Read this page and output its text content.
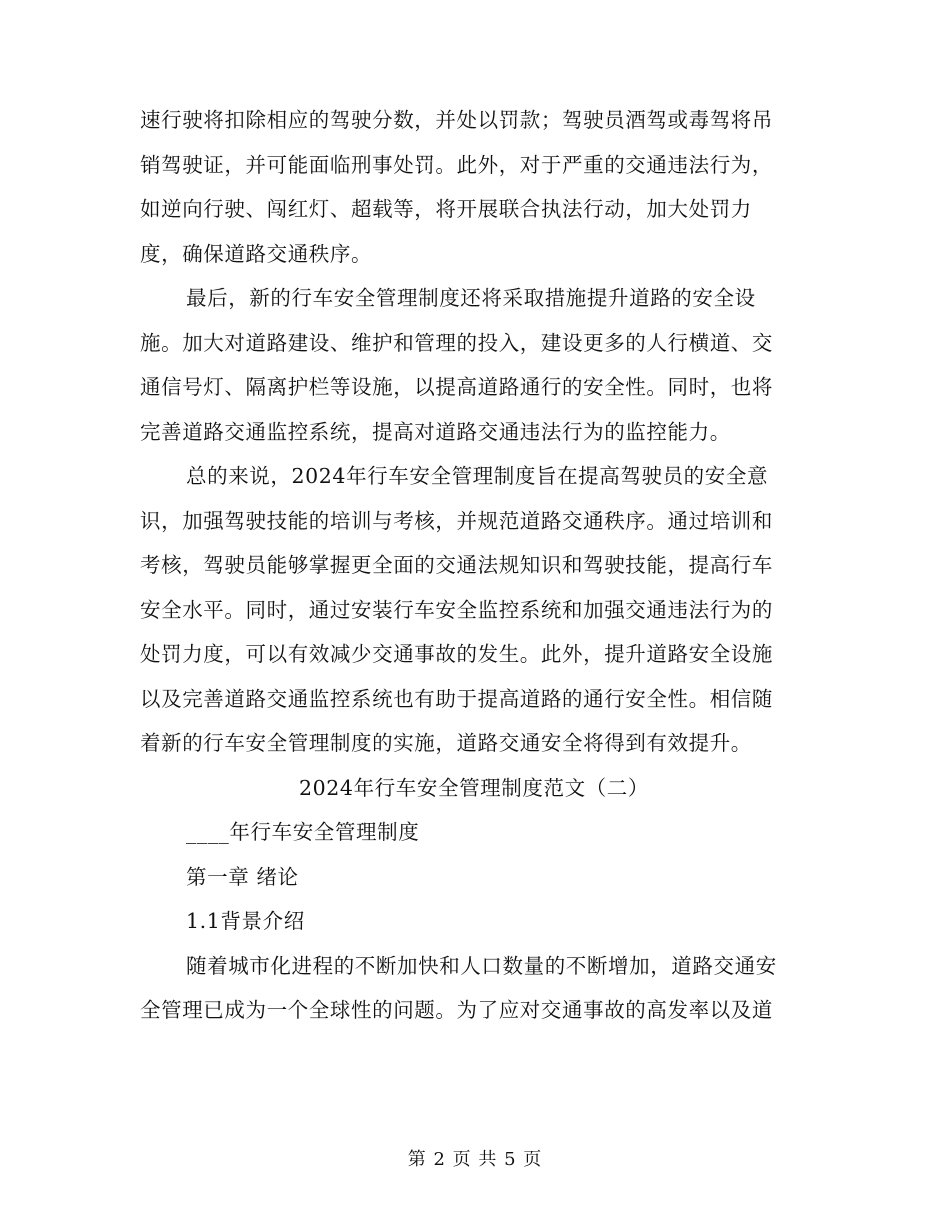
速行驶将扣除相应的驾驶分数，并处以罚款；驾驶员酒驾或毒驾将吊

销驾驶证，并可能面临刑事处罚。此外，对于严重的交通违法行为，

如逆向行驶、闯红灯、超载等，将开展联合执法行动，加大处罚力

度，确保道路交通秩序。

最后，新的行车安全管理制度还将采取措施提升道路的安全设

施。加大对道路建设、维护和管理的投入，建设更多的人行横道、交

通信号灯、隔离护栏等设施，以提高道路通行的安全性。同时，也将

完善道路交通监控系统，提高对道路交通违法行为的监控能力。

总的来说，2024年行车安全管理制度旨在提高驾驶员的安全意

识，加强驾驶技能的培训与考核，并规范道路交通秩序。通过培训和

考核，驾驶员能够掌握更全面的交通法规知识和驾驶技能，提高行车

安全水平。同时，通过安装行车安全监控系统和加强交通违法行为的

处罚力度，可以有效减少交通事故的发生。此外，提升道路安全设施

以及完善道路交通监控系统也有助于提高道路的通行安全性。相信随

着新的行车安全管理制度的实施，道路交通安全将得到有效提升。

2024年行车安全管理制度范文（二）

____年行车安全管理制度

第一章 绪论

1.1背景介绍

随着城市化进程的不断加快和人口数量的不断增加，道路交通安

全管理已成为一个全球性的问题。为了应对交通事故的高发率以及道

第 2 页 共 5 页
